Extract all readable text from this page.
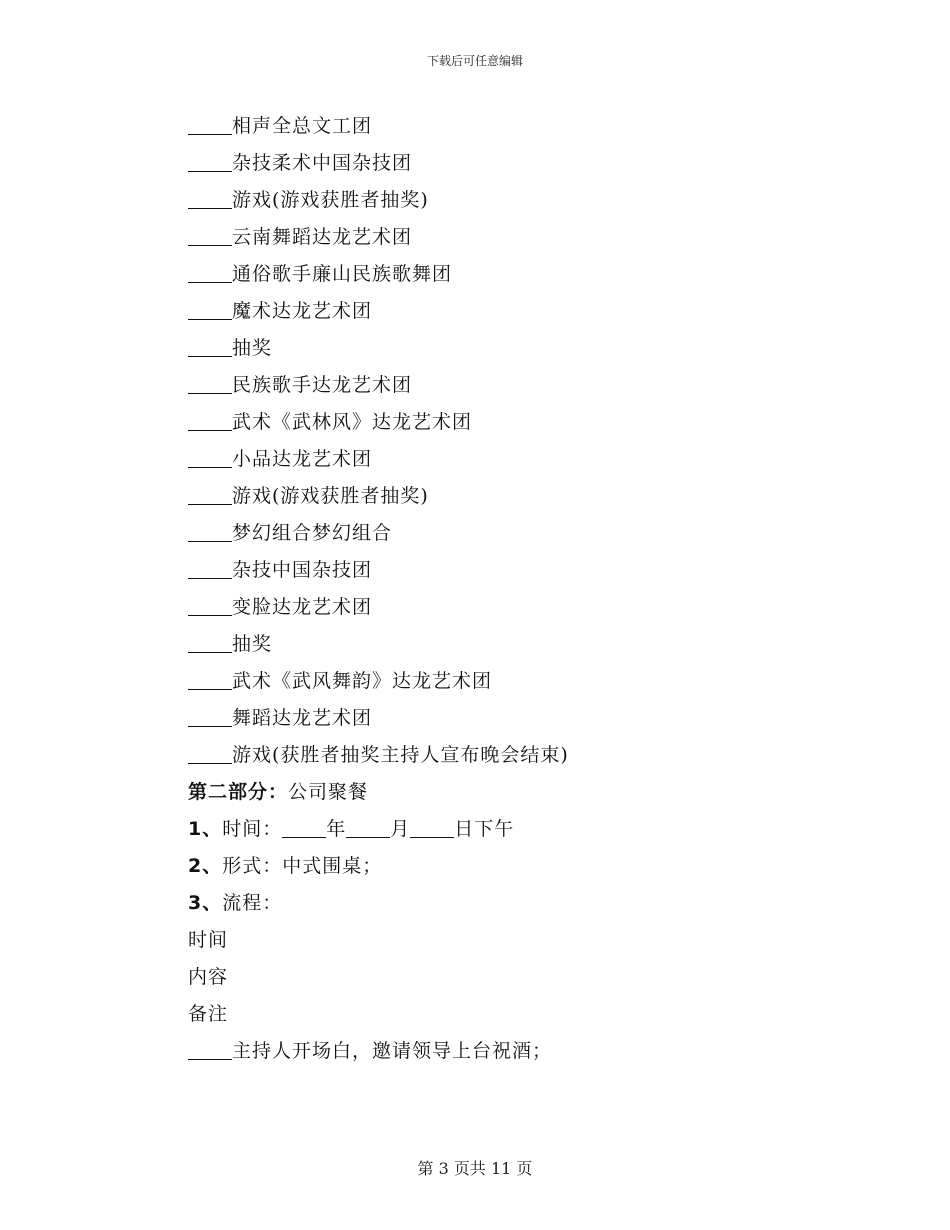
下载后可任意编辑
相声全总文工团
杂技柔术中国杂技团
游戏(游戏获胜者抽奖)
云南舞蹈达龙艺术团
通俗歌手廉山民族歌舞团
魔术达龙艺术团
抽奖
民族歌手达龙艺术团
武术《武林风》达龙艺术团
小品达龙艺术团
游戏(游戏获胜者抽奖)
梦幻组合梦幻组合
杂技中国杂技团
变脸达龙艺术团
抽奖
武术《武风舞韵》达龙艺术团
舞蹈达龙艺术团
游戏(获胜者抽奖主持人宣布晚会结束)
第二部分：公司聚餐
1、时间： 年 月 日下午
2、形式：中式围桌；
3、流程：
时间
内容
备注
主持人开场白，邀请领导上台祝酒；
第 3 页共 11 页
